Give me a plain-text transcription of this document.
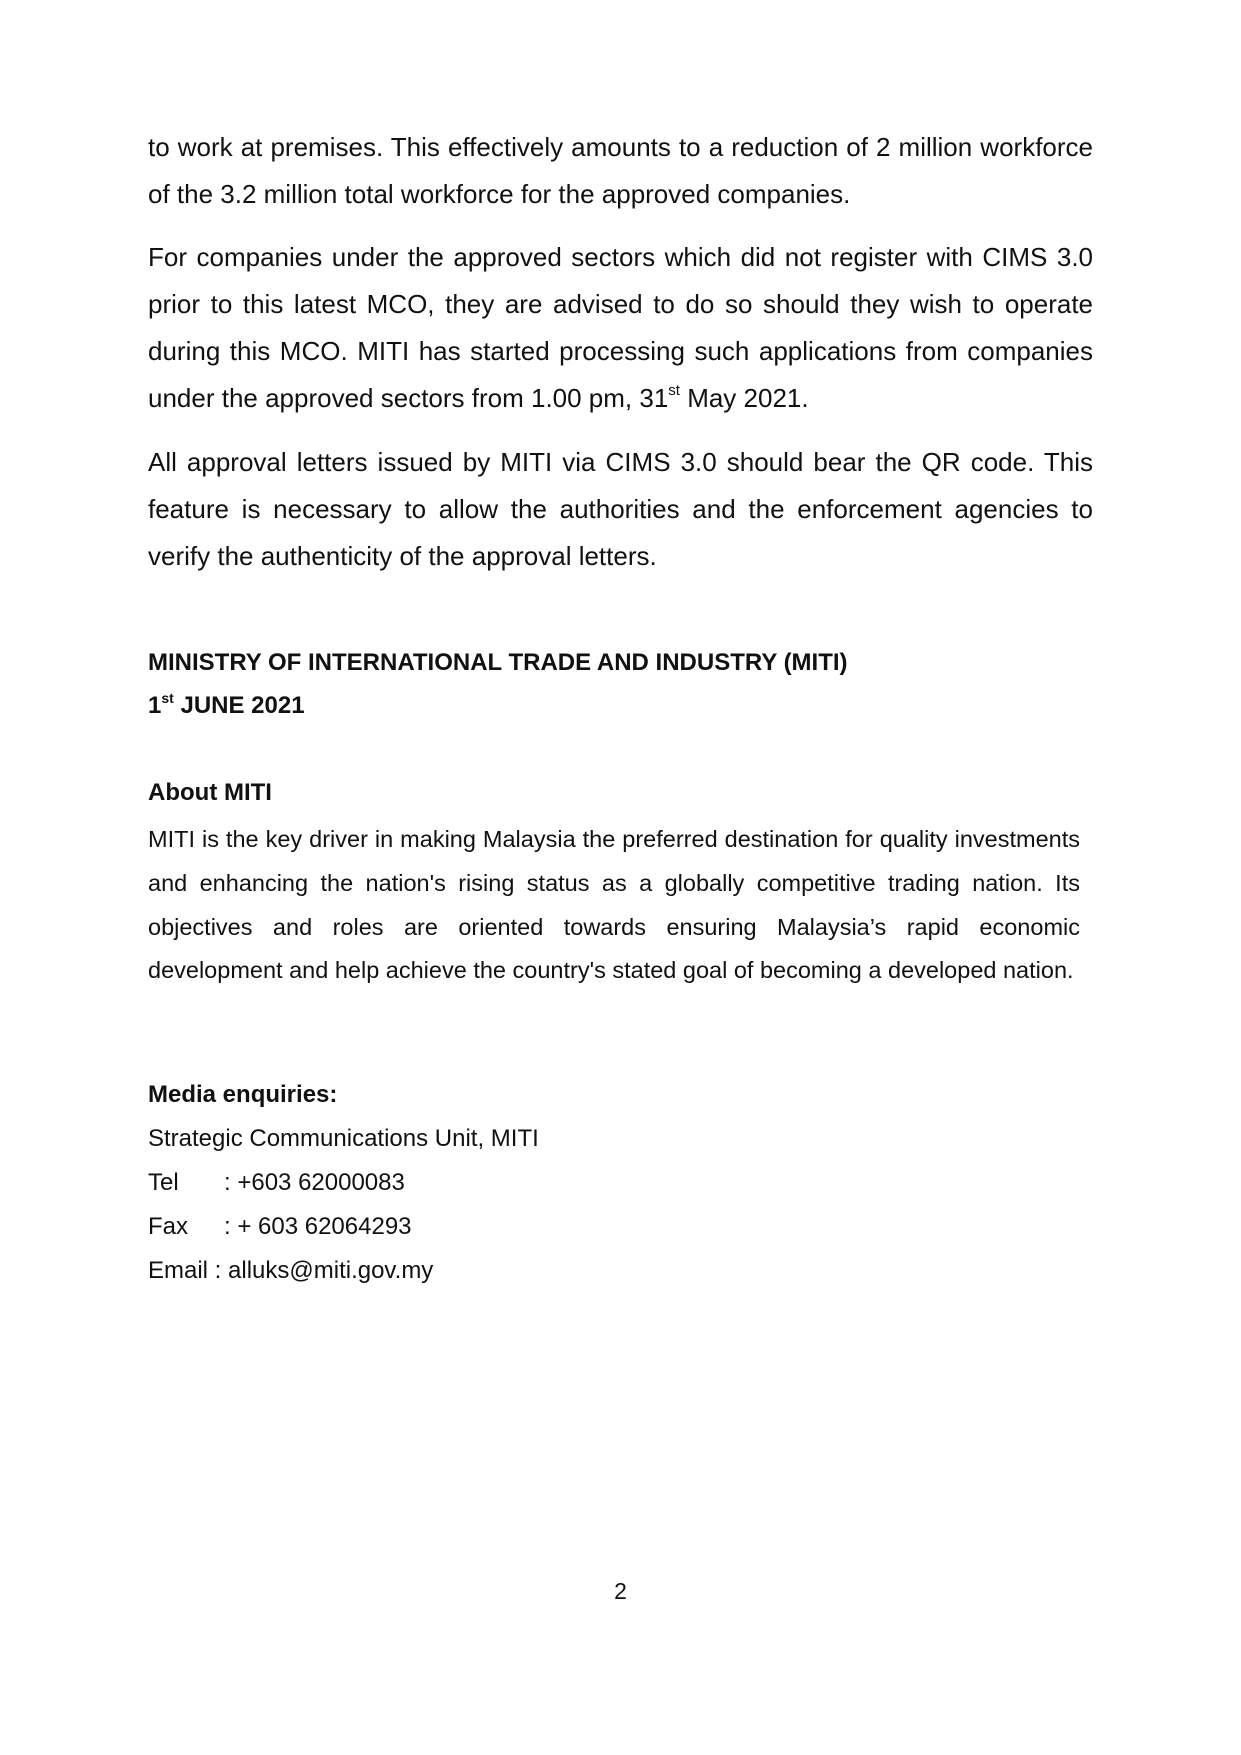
to work at premises. This effectively amounts to a reduction of 2 million workforce of the 3.2 million total workforce for the approved companies.

For companies under the approved sectors which did not register with CIMS 3.0 prior to this latest MCO, they are advised to do so should they wish to operate during this MCO. MITI has started processing such applications from companies under the approved sectors from 1.00 pm, 31st May 2021.

All approval letters issued by MITI via CIMS 3.0 should bear the QR code. This feature is necessary to allow the authorities and the enforcement agencies to verify the authenticity of the approval letters.

MINISTRY OF INTERNATIONAL TRADE AND INDUSTRY (MITI)

1st JUNE 2021

About MITI

MITI is the key driver in making Malaysia the preferred destination for quality investments and enhancing the nation's rising status as a globally competitive trading nation. Its objectives and roles are oriented towards ensuring Malaysia’s rapid economic development and help achieve the country's stated goal of becoming a developed nation.

Media enquiries:

Strategic Communications Unit, MITI

Tel : +603 62000083

Fax : + 603 62064293

Email : alluks@miti.gov.my

2
